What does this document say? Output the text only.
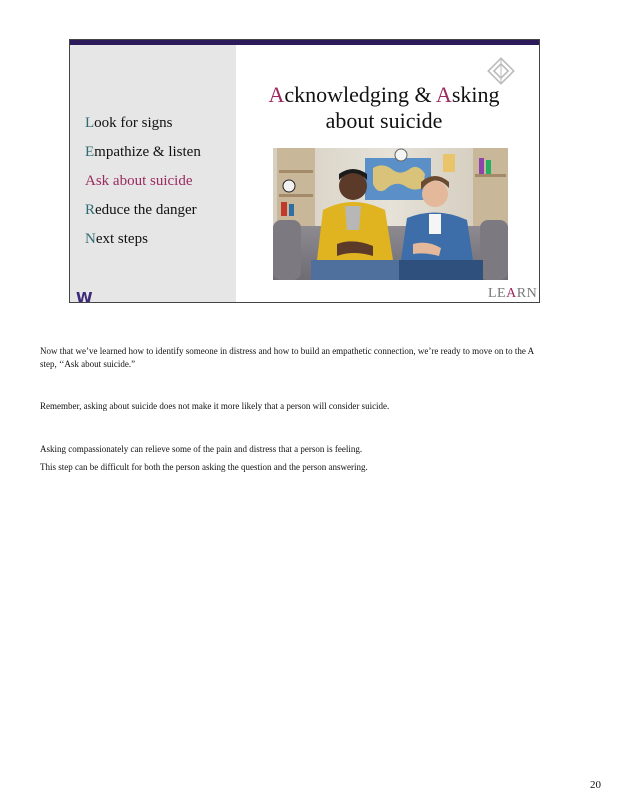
Look for signs
Empathize & listen
Ask about suicide
Reduce the danger
Next steps
W
Acknowledging & Asking
about suicide
LEARN

Now that we’ve learned how to identify someone in distress and how to build an empathetic connection, we’re ready to move on to the A step, ‘‘Ask about suicide.”

Remember, asking about suicide does not make it more likely that a person will consider suicide.

Asking compassionately can relieve some of the pain and distress that a person is feeling.

This step can be difficult for both the person asking the question and the person answering.

20
